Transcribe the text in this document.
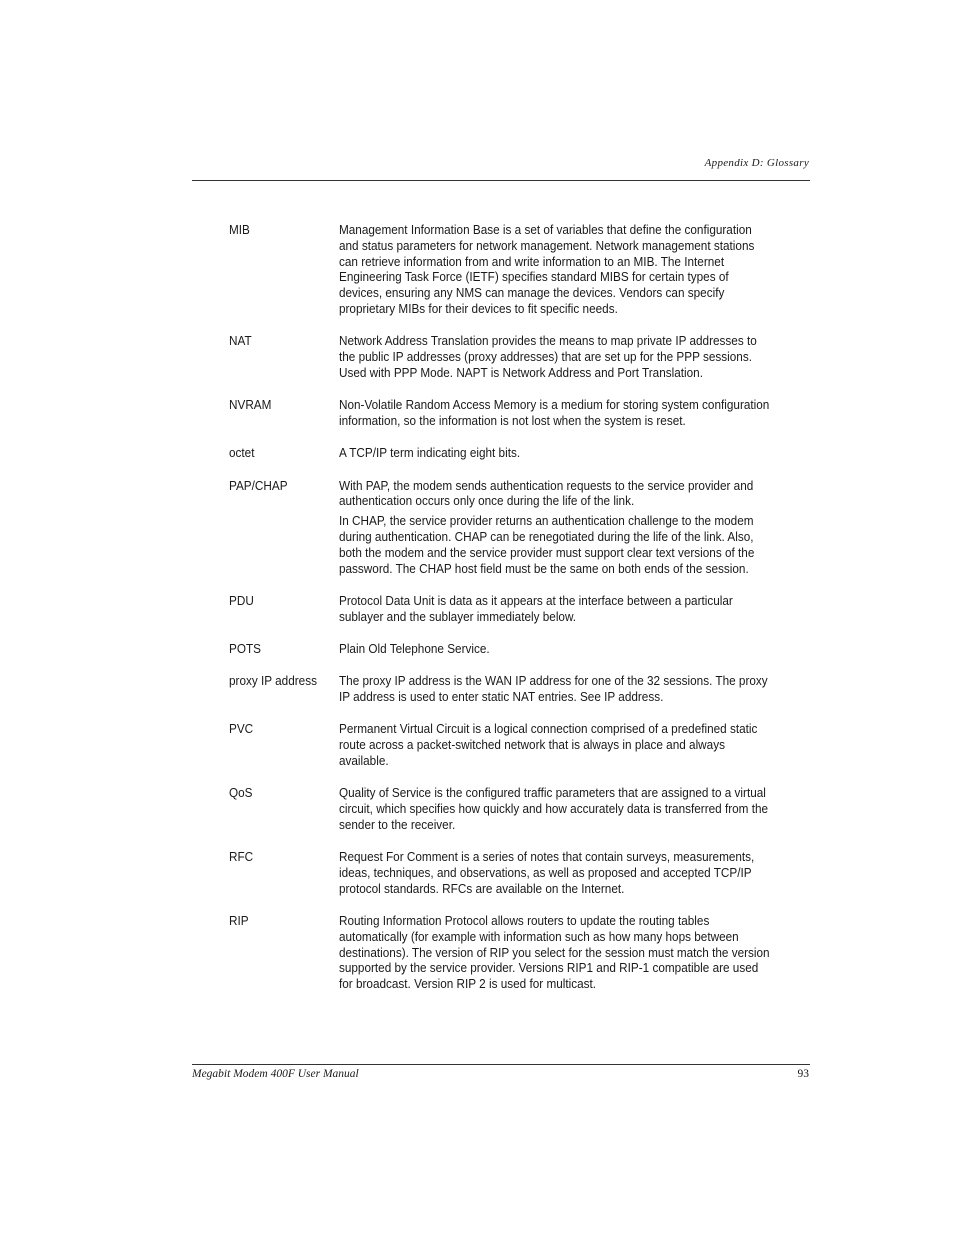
Appendix D: Glossary
MIB	Management Information Base is a set of variables that define the configuration and status parameters for network management. Network management stations can retrieve information from and write information to an MIB. The Internet Engineering Task Force (IETF) specifies standard MIBS for certain types of devices, ensuring any NMS can manage the devices. Vendors can specify proprietary MIBs for their devices to fit specific needs.

NAT	Network Address Translation provides the means to map private IP addresses to the public IP addresses (proxy addresses) that are set up for the PPP sessions. Used with PPP Mode. NAPT is Network Address and Port Translation.

NVRAM	Non-Volatile Random Access Memory is a medium for storing system configuration information, so the information is not lost when the system is reset.

octet	A TCP/IP term indicating eight bits.

PAP/CHAP	With PAP, the modem sends authentication requests to the service provider and authentication occurs only once during the life of the link.

In CHAP, the service provider returns an authentication challenge to the modem during authentication. CHAP can be renegotiated during the life of the link. Also, both the modem and the service provider must support clear text versions of the password. The CHAP host field must be the same on both ends of the session.

PDU	Protocol Data Unit is data as it appears at the interface between a particular sublayer and the sublayer immediately below.

POTS	Plain Old Telephone Service.

proxy IP address	The proxy IP address is the WAN IP address for one of the 32 sessions. The proxy IP address is used to enter static NAT entries. See IP address.

PVC	Permanent Virtual Circuit is a logical connection comprised of a predefined static route across a packet-switched network that is always in place and always available.

QoS	Quality of Service is the configured traffic parameters that are assigned to a virtual circuit, which specifies how quickly and how accurately data is transferred from the sender to the receiver.

RFC	Request For Comment is a series of notes that contain surveys, measurements, ideas, techniques, and observations, as well as proposed and accepted TCP/IP protocol standards. RFCs are available on the Internet.

RIP	Routing Information Protocol allows routers to update the routing tables automatically (for example with information such as how many hops between destinations). The version of RIP you select for the session must match the version supported by the service provider. Versions RIP1 and RIP-1 compatible are used for broadcast. Version RIP 2 is used for multicast.

Megabit Modem 400F User Manual	93
